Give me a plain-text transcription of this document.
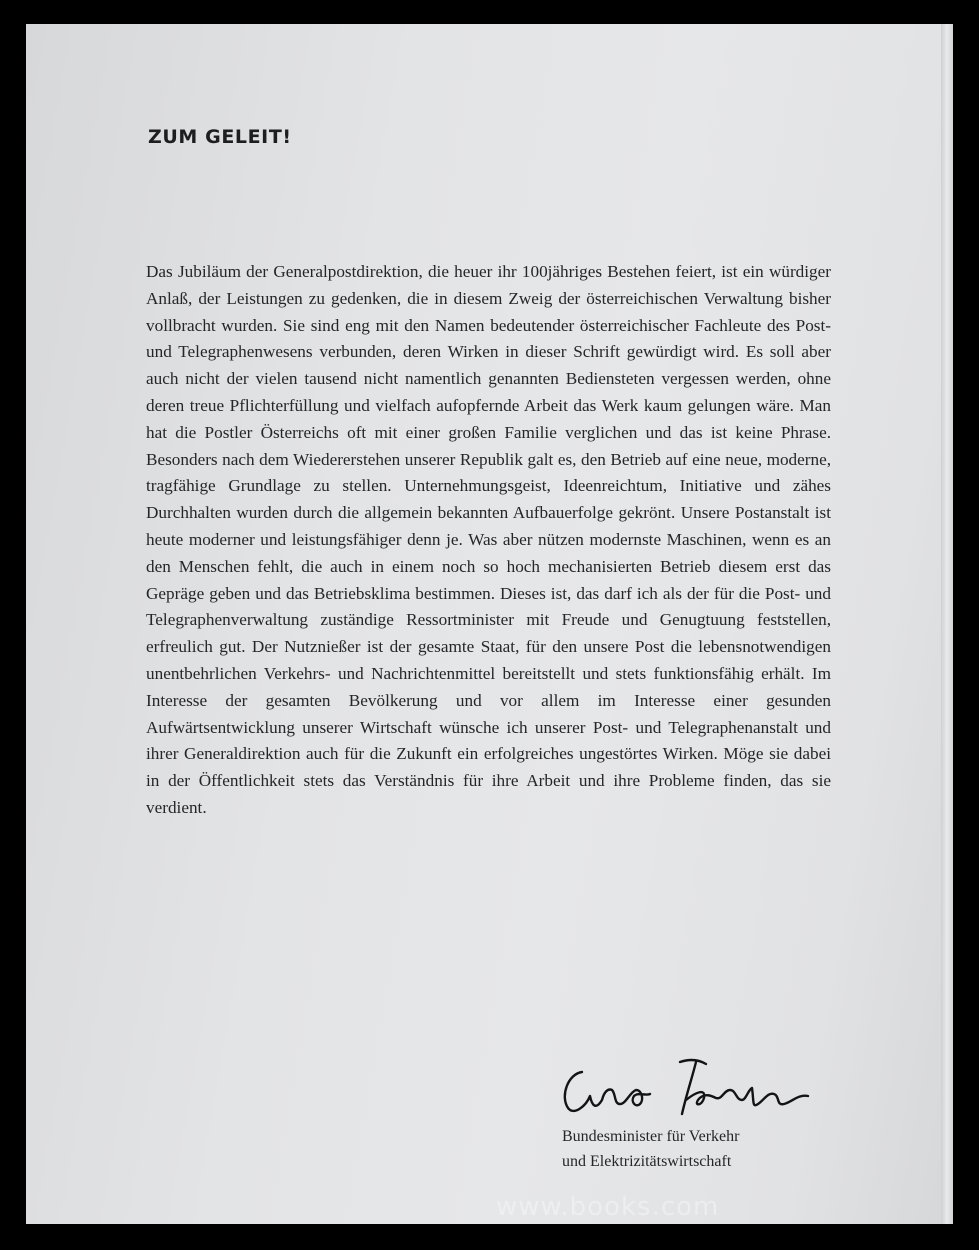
ZUM GELEIT!

Das Jubiläum der Generalpostdirektion, die heuer ihr 100jähriges Bestehen feiert, ist ein würdiger Anlaß, der Leistungen zu gedenken, die in diesem Zweig der österreichischen Verwaltung bisher vollbracht wurden. Sie sind eng mit den Namen bedeutender österreichischer Fachleute des Post- und Telegraphenwesens verbunden, deren Wirken in dieser Schrift gewürdigt wird. Es soll aber auch nicht der vielen tausend nicht namentlich genannten Bediensteten vergessen werden, ohne deren treue Pflichterfüllung und vielfach aufopfernde Arbeit das Werk kaum gelungen wäre. Man hat die Postler Österreichs oft mit einer großen Familie verglichen und das ist keine Phrase. Besonders nach dem Wiedererstehen unserer Republik galt es, den Betrieb auf eine neue, moderne, tragfähige Grundlage zu stellen. Unternehmungsgeist, Ideenreichtum, Initiative und zähes Durchhalten wurden durch die allgemein bekannten Aufbauerfolge gekrönt. Unsere Postanstalt ist heute moderner und leistungsfähiger denn je. Was aber nützen modernste Maschinen, wenn es an den Menschen fehlt, die auch in einem noch so hoch mechanisierten Betrieb diesem erst das Gepräge geben und das Betriebsklima bestimmen. Dieses ist, das darf ich als der für die Post- und Telegraphenverwaltung zuständige Ressortminister mit Freude und Genugtuung feststellen, erfreulich gut. Der Nutznießer ist der gesamte Staat, für den unsere Post die lebensnotwendigen unentbehrlichen Verkehrs- und Nachrichtenmittel bereitstellt und stets funktionsfähig erhält. Im Interesse der gesamten Bevölkerung und vor allem im Interesse einer gesunden Aufwärtsentwicklung unserer Wirtschaft wünsche ich unserer Post- und Telegraphenanstalt und ihrer Generaldirektion auch für die Zukunft ein erfolgreiches ungestörtes Wirken. Möge sie dabei in der Öffentlichkeit stets das Verständnis für ihre Arbeit und ihre Probleme finden, das sie verdient.

Bundesminister für Verkehr
und Elektrizitätswirtschaft
www.books.com
